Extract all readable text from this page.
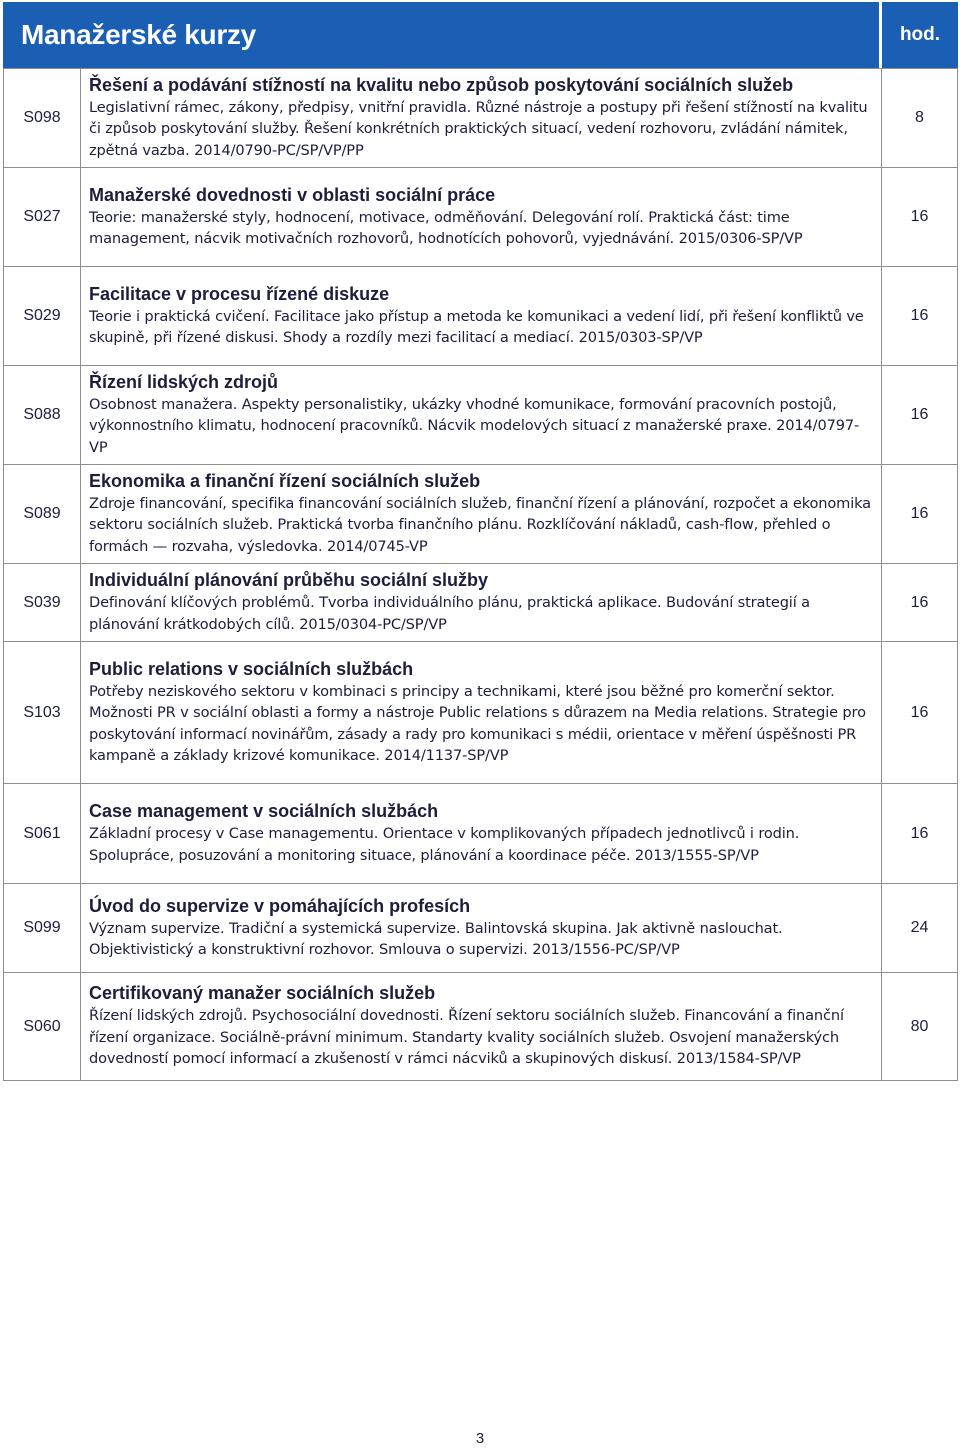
Manažerské kurzy	hod.
S098	Řešení a podávání stížností na kvalitu nebo způsob poskytování sociálních služeb
Legislativní rámec, zákony, předpisy, vnitřní pravidla. Různé nástroje a postupy při řešení stížností na kvalitu či způsob poskytování služby. Řešení konkrétních praktických situací, vedení rozhovoru, zvládání námitek, zpětná vazba. 2014/0790-PC/SP/VP/PP	8
S027	Manažerské dovednosti v oblasti sociální práce
Teorie: manažerské styly, hodnocení, motivace, odměňování. Delegování rolí. Praktická část: time management, nácvik motivačních rozhovorů, hodnotících pohovorů, vyjednávání. 2015/0306-SP/VP	16
S029	Facilitace v procesu řízené diskuze
Teorie i praktická cvičení. Facilitace jako přístup a metoda ke komunikaci a vedení lidí, při řešení konfliktů ve skupině, při řízené diskusi. Shody a rozdíly mezi facilitací a mediací. 2015/0303-SP/VP	16
S088	Řízení lidských zdrojů
Osobnost manažera. Aspekty personalistiky, ukázky vhodné komunikace, formování pracovních postojů, výkonnostního klimatu, hodnocení pracovníků. Nácvik modelových situací z manažerské praxe. 2014/0797-VP	16
S089	Ekonomika a finanční řízení sociálních služeb
Zdroje financování, specifika financování sociálních služeb, finanční řízení a plánování, rozpočet a ekonomika sektoru sociálních služeb. Praktická tvorba finančního plánu. Rozklíčování nákladů, cash-flow, přehled o formách — rozvaha, výsledovka. 2014/0745-VP	16
S039	Individuální plánování průběhu sociální služby
Definování klíčových problémů. Tvorba individuálního plánu, praktická aplikace. Budování strategií a plánování krátkodobých cílů. 2015/0304-PC/SP/VP	16
S103	Public relations v sociálních službách
Potřeby neziskového sektoru v kombinaci s principy a technikami, které jsou běžné pro komerční sektor. Možnosti PR v sociální oblasti a formy a nástroje Public relations s důrazem na Media relations. Strategie pro poskytování informací novinářům, zásady a rady pro komunikaci s médii, orientace v měření úspěšnosti PR kampaně a základy krizové komunikace. 2014/1137-SP/VP	16
S061	Case management v sociálních službách
Základní procesy v Case managementu. Orientace v komplikovaných případech jednotlivců i rodin. Spolupráce, posuzování a monitoring situace, plánování a koordinace péče. 2013/1555-SP/VP	16
S099	Úvod do supervize v pomáhajících profesích
Význam supervize. Tradiční a systemická supervize. Balintovská skupina. Jak aktivně naslouchat. Objektivistický a konstruktivní rozhovor. Smlouva o supervizi. 2013/1556-PC/SP/VP	24
S060	Certifikovaný manažer sociálních služeb
Řízení lidských zdrojů. Psychosociální dovednosti. Řízení sektoru sociálních služeb. Financování a finanční řízení organizace. Sociálně-právní minimum. Standarty kvality sociálních služeb. Osvojení manažerských dovedností pomocí informací a zkušeností v rámci nácviků a skupinových diskusí. 2013/1584-SP/VP	80
3
